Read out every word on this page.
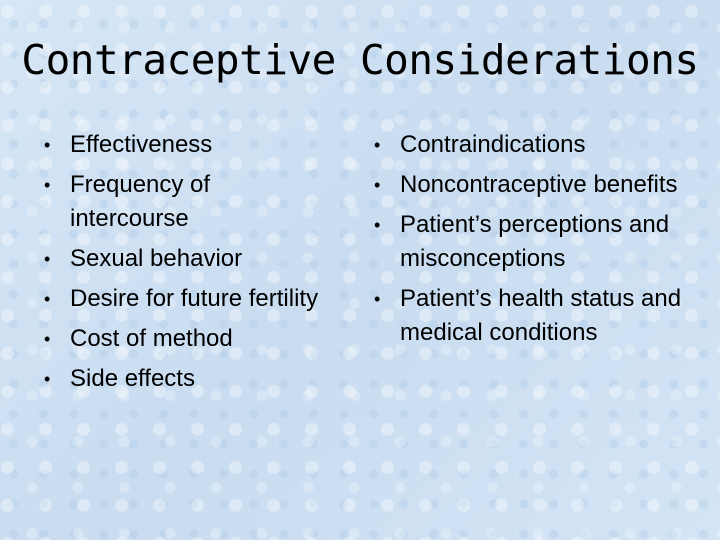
Contraceptive Considerations
• Effectiveness
• Frequency of intercourse
• Sexual behavior
• Desire for future fertility
• Cost of method
• Side effects
• Contraindications
• Noncontraceptive benefits
• Patient’s perceptions and misconceptions
• Patient’s health status and medical conditions
